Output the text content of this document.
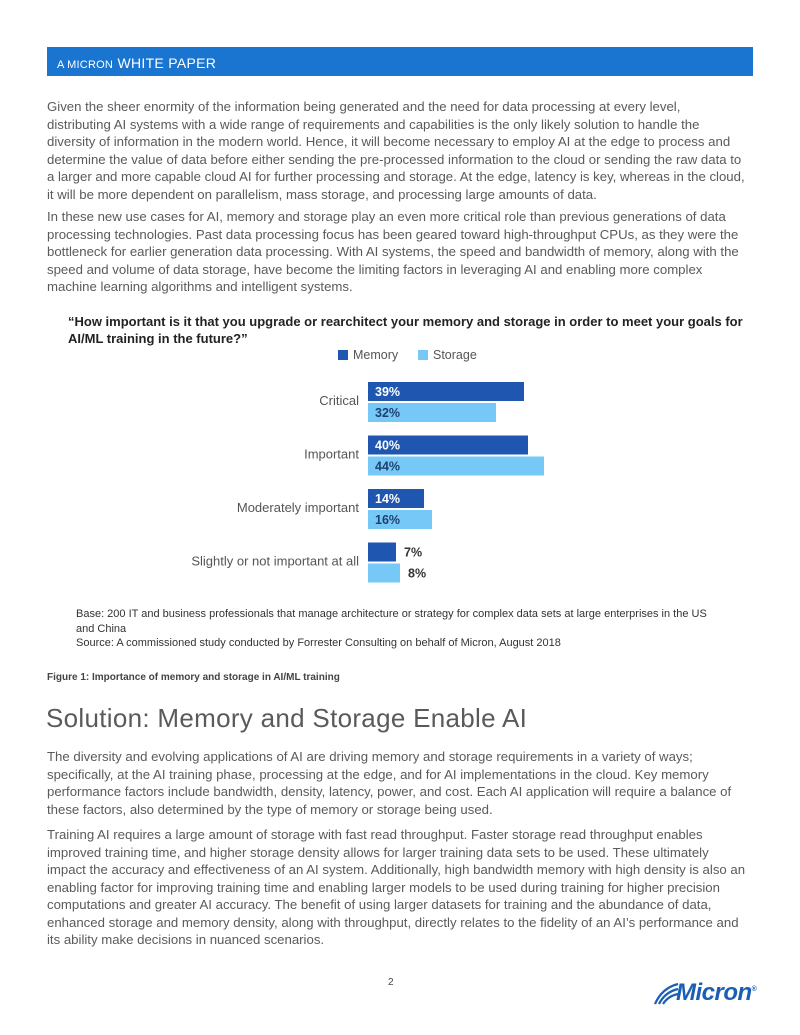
A MICRON WHITE PAPER

Given the sheer enormity of the information being generated and the need for data processing at every level, distributing AI systems with a wide range of requirements and capabilities is the only likely solution to handle the diversity of information in the modern world. Hence, it will become necessary to employ AI at the edge to process and determine the value of data before either sending the pre-processed information to the cloud or sending the raw data to a larger and more capable cloud AI for further processing and storage. At the edge, latency is key, whereas in the cloud, it will be more dependent on parallelism, mass storage, and processing large amounts of data.

In these new use cases for AI, memory and storage play an even more critical role than previous generations of data processing technologies. Past data processing focus has been geared toward high-throughput CPUs, as they were the bottleneck for earlier generation data processing. With AI systems, the speed and bandwidth of memory, along with the speed and volume of data storage, have become the limiting factors in leveraging AI and enabling more complex machine learning algorithms and intelligent systems.

“How important is it that you upgrade or rearchitect your memory and storage in order to meet your goals for AI/ML training in the future?”

Memory	Storage
Critical
39%
32%
Important
40%
44%
Moderately important
14%
16%
Slightly or not important at all
7%
8%

Base: 200 IT and business professionals that manage architecture or strategy for complex data sets at large enterprises in the US and China
Source: A commissioned study conducted by Forrester Consulting on behalf of Micron, August 2018

Figure 1: Importance of memory and storage in AI/ML training

Solution: Memory and Storage Enable AI

The diversity and evolving applications of AI are driving memory and storage requirements in a variety of ways; specifically, at the AI training phase, processing at the edge, and for AI implementations in the cloud. Key memory performance factors include bandwidth, density, latency, power, and cost. Each AI application will require a balance of these factors, also determined by the type of memory or storage being used.

Training AI requires a large amount of storage with fast read throughput. Faster storage read throughput enables improved training time, and higher storage density allows for larger training data sets to be used. These ultimately impact the accuracy and effectiveness of an AI system. Additionally, high bandwidth memory with high density is also an enabling factor for improving training time and enabling larger models to be used during training for higher precision computations and greater AI accuracy. The benefit of using larger datasets for training and the abundance of data, enhanced storage and memory density, along with throughput, directly relates to the fidelity of an AI’s performance and its ability make decisions in nuanced scenarios.

2	Micron®
